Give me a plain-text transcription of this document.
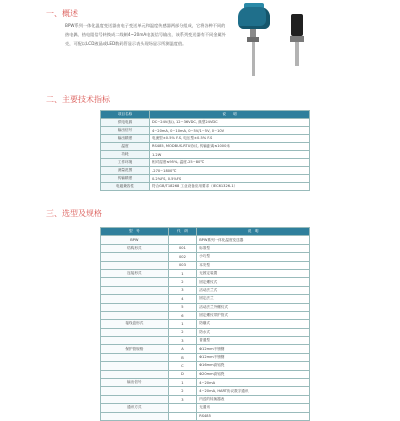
一、概述
BPW系列一体化温度变送器由电子变送单元和温度传感器两部分组成，它将各种不同的热电偶、热电阻信号转换成二线制4~20mA电流信号输出，该系列变送器有不同金属外壳，可配以LCD液晶或LED数码管显示表头现场显示所测温度值。
二、主要技术指标
项目名称	说　　明
供电电源	DC~24V(标), 12~36VDC, 典型24VDC
输出信号	4~20mA, 0~10mA, 0~5V/1~5V, 0~10V
输出精度	电流型±0.5% F.S, 电压型±0.5% F.S
温度	RS485, MODBUS-RTU协议, 传输距离≤1000米
功耗	1.2W
工作环境	相对湿度≤95%, 温度-25~80℃
测量范围	-270~1800℃
传输精度	0.2%FS, 0.5%FS
电磁兼容性	符合GB/T18268 工业设备应用要求（IEC61326-1）
三、选型及规格
型　号	代　码	说　明
BPW		BPW系列一体化温度变送器
结构形式	001	标准型
	002	小巧型
	003	本安型
连接形式	1	无固定装置
	2	固定螺纹式
	3	活动法兰式
	4	固定法兰
	5	活动法兰外螺纹式
	6	固定螺纹带护管式
接线盒形式	1	防爆式
	2	防水式
	3	普通型
保护管规格	A	Φ12mm不锈钢
	B	Φ12mm不锈钢
	C	Φ16mm高铝瓷
	D	Φ20mm高铝瓷
输出信号	1	4~20mA
	2	4~20mA, HART协议数字通讯
	3	内送的转换器表
通讯方式		无通讯
		RS485
